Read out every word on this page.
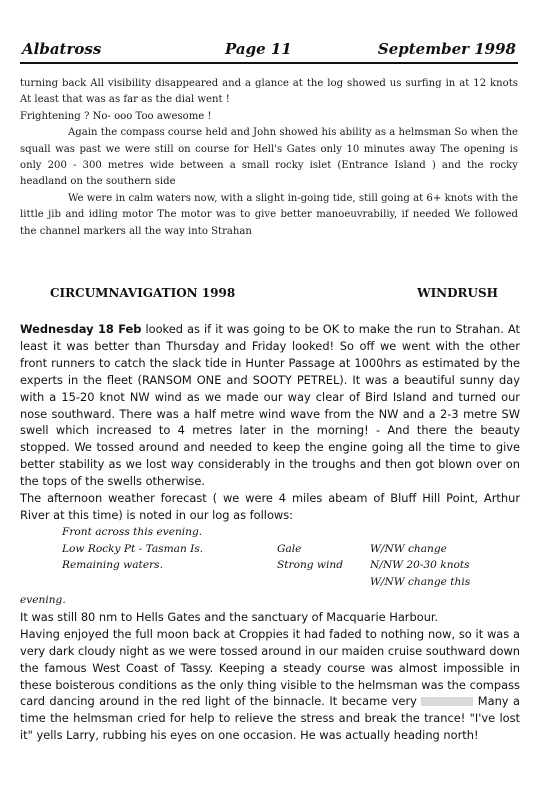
Albatross	Page 11	September 1998

turning back All visibility disappeared and a glance at the log showed us surfing in at 12 knots At least that was as far as the dial went !

Frightening ? No- ooo Too awesome !

Again the compass course held and John showed his ability as a helmsman So when the squall was past we were still on course for Hell's Gates only 10 minutes away The opening is only 200 - 300 metres wide between a small rocky islet (Entrance Island ) and the rocky headland on the southern side

We were in calm waters now, with a slight in-going tide, still going at 6+ knots with the little jib and idling motor The motor was to give better manoeuvrabiliy, if needed We followed the channel markers all the way into Strahan

CIRCUMNAVIGATION 1998	WINDRUSH

Wednesday 18 Feb looked as if it was going to be OK to make the run to Strahan. At least it was better than Thursday and Friday looked! So off we went with the other front runners to catch the slack tide in Hunter Passage at 1000hrs as estimated by the experts in the fleet (RANSOM ONE and SOOTY PETREL). It was a beautiful sunny day with a 15-20 knot NW wind as we made our way clear of Bird Island and turned our nose southward. There was a half metre wind wave from the NW and a 2-3 metre SW swell which increased to 4 metres later in the morning! - And there the beauty stopped. We tossed around and needed to keep the engine going all the time to give better stability as we lost way considerably in the troughs and then got blown over on the tops of the swells otherwise.

The afternoon weather forecast ( we were 4 miles abeam of Bluff Hill Point, Arthur River at this time) is noted in our log as follows:

Front across this evening.
Low Rocky Pt - Tasman Is.	Gale	W/NW change
Remaining waters.	Strong wind	N/NW 20-30 knots
W/NW change this
evening.

It was still 80 nm to Hells Gates and the sanctuary of Macquarie Harbour.

Having enjoyed the full moon back at Croppies it had faded to nothing now, so it was a very dark cloudy night as we were tossed around in our maiden cruise southward down the famous West Coast of Tassy. Keeping a steady course was almost impossible in these boisterous conditions as the only thing visible to the helmsman was the compass card dancing around in the red light of the binnacle. It became very	Many a time the helmsman cried for help to relieve the stress and break the trance! "I've lost it" yells Larry, rubbing his eyes on one occasion. He was actually heading north!
